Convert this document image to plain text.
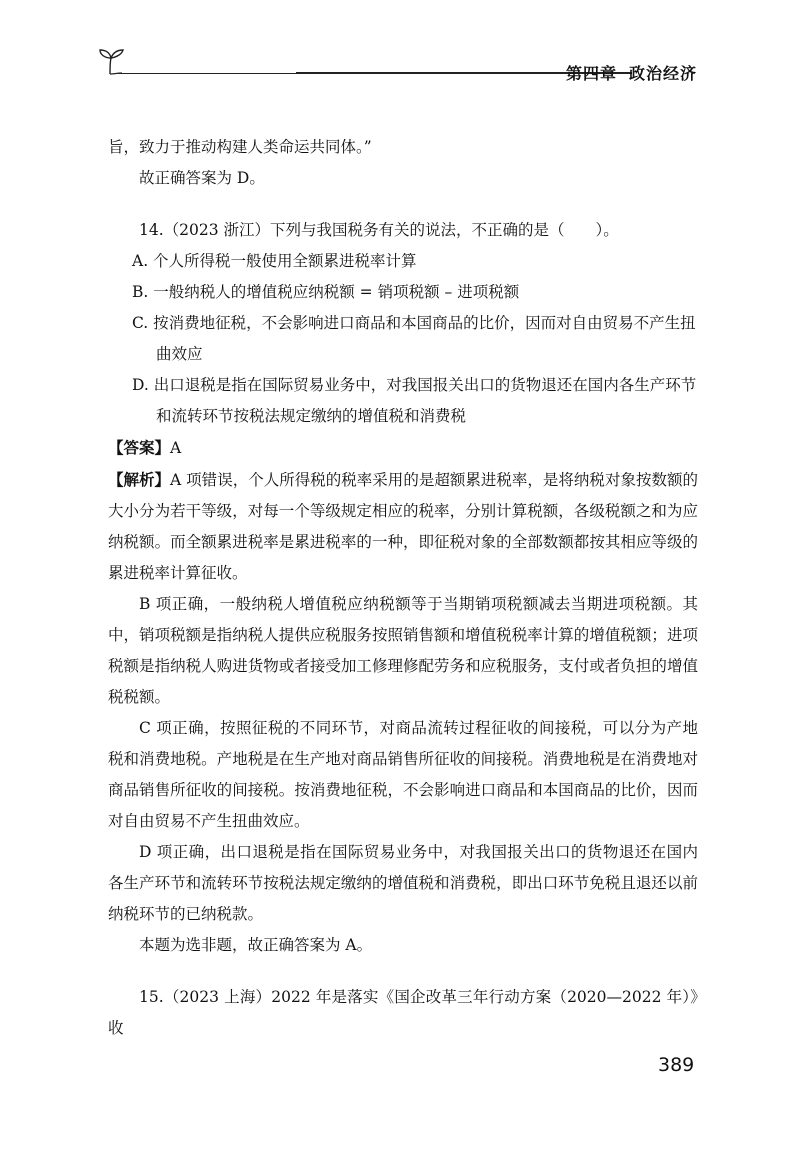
第四章 政治经济

旨，致力于推动构建人类命运共同体。”

故正确答案为 D。

14.（2023 浙江）下列与我国税务有关的说法，不正确的是（　　）。

A. 个人所得税一般使用全额累进税率计算

B. 一般纳税人的增值税应纳税额 = 销项税额 – 进项税额

C. 按消费地征税，不会影响进口商品和本国商品的比价，因而对自由贸易不产生扭曲效应

D. 出口退税是指在国际贸易业务中，对我国报关出口的货物退还在国内各生产环节和流转环节按税法规定缴纳的增值税和消费税

【答案】A

【解析】A 项错误，个人所得税的税率采用的是超额累进税率，是将纳税对象按数额的大小分为若干等级，对每一个等级规定相应的税率，分别计算税额，各级税额之和为应纳税额。而全额累进税率是累进税率的一种，即征税对象的全部数额都按其相应等级的累进税率计算征收。

B 项正确，一般纳税人增值税应纳税额等于当期销项税额减去当期进项税额。其中，销项税额是指纳税人提供应税服务按照销售额和增值税税率计算的增值税额；进项税额是指纳税人购进货物或者接受加工修理修配劳务和应税服务，支付或者负担的增值税税额。

C 项正确，按照征税的不同环节，对商品流转过程征收的间接税，可以分为产地税和消费地税。产地税是在生产地对商品销售所征收的间接税。消费地税是在消费地对商品销售所征收的间接税。按消费地征税，不会影响进口商品和本国商品的比价，因而对自由贸易不产生扭曲效应。

D 项正确，出口退税是指在国际贸易业务中，对我国报关出口的货物退还在国内各生产环节和流转环节按税法规定缴纳的增值税和消费税，即出口环节免税且退还以前纳税环节的已纳税款。

本题为选非题，故正确答案为 A。

15.（2023 上海）2022 年是落实《国企改革三年行动方案（2020—2022 年）》收

389
